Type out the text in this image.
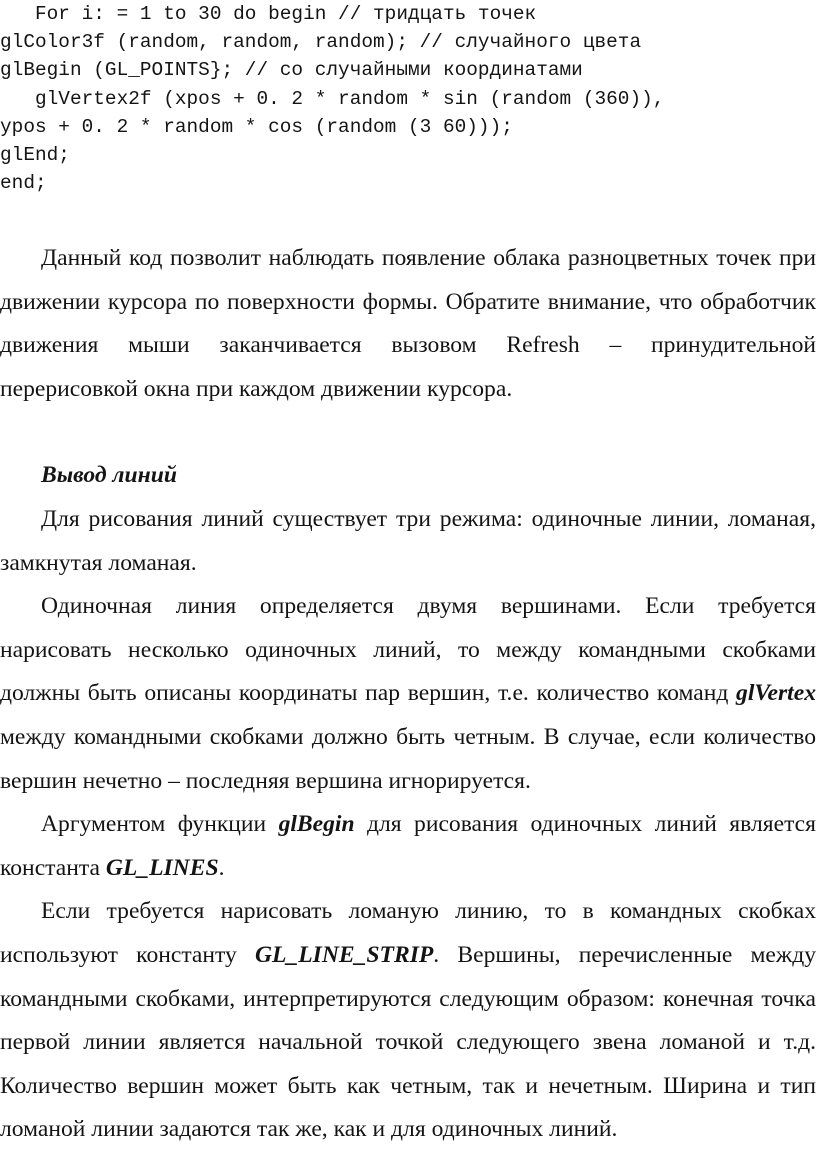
For i: = 1 to 30 do begin // тридцать точек
glColor3f (random, random, random); // случайного цвета
glBegin (GL_POINTS}; // со случайными координатами
glVertex2f (xpos + 0. 2 * random * sin (random (360)),
ypos + 0. 2 * random * cos (random (3 60)));
glEnd;
end;

Данный код позволит наблюдать появление облака разноцветных точек при движении курсора по поверхности формы. Обратите внимание, что обработчик движения мыши заканчивается вызовом Refresh – принудительной перерисовкой окна при каждом движении курсора.

Вывод линий

Для рисования линий существует три режима: одиночные линии, ломаная, замкнутая ломаная.

Одиночная линия определяется двумя вершинами. Если требуется нарисовать несколько одиночных линий, то между командными скобками должны быть описаны координаты пар вершин, т.е. количество команд glVertex между командными скобками должно быть четным. В случае, если количество вершин нечетно – последняя вершина игнорируется.

Аргументом функции glBegin для рисования одиночных линий является константа GL_LINES.

Если требуется нарисовать ломаную линию, то в командных скобках используют константу GL_LINE_STRIP. Вершины, перечисленные между командными скобками, интерпретируются следующим образом: конечная точка первой линии является начальной точкой следующего звена ломаной и т.д. Количество вершин может быть как четным, так и нечетным. Ширина и тип ломаной линии задаются так же, как и для одиночных линий.
